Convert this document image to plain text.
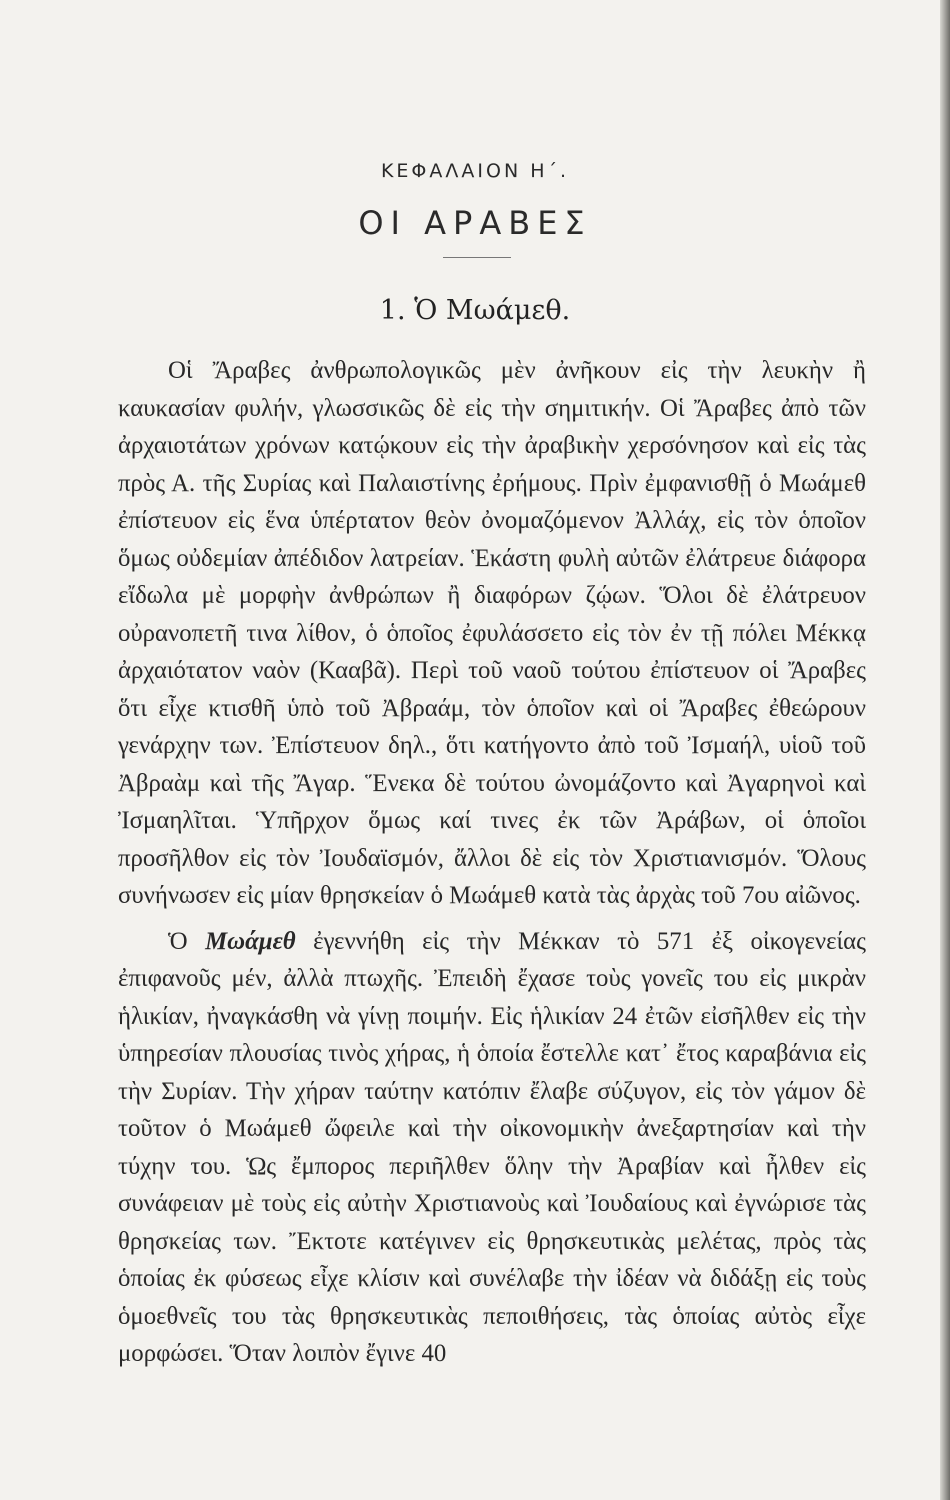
ΚΕΦΑΛΑΙΟΝ Η΄.
ΟΙ ΑΡΑΒΕΣ
1. Ὁ Μωάμεθ.

Οἱ Ἄραβες ἀνθρωπολογικῶς μὲν ἀνῆκουν εἰς τὴν λευκὴν ἢ καυκασίαν φυλήν, γλωσσικῶς δὲ εἰς τὴν σημιτικήν. Οἱ Ἄραβες ἀπὸ τῶν ἀρχαιοτάτων χρόνων κατῴκουν εἰς τὴν ἀραβικὴν χερσόνησον καὶ εἰς τὰς πρὸς Α. τῆς Συρίας καὶ Παλαιστίνης ἐρήμους. Πρὶν ἐμφανισθῇ ὁ Μωάμεθ ἐπίστευον εἰς ἕνα ὑπέρτατον θεὸν ὀνομαζόμενον Ἀλλάχ, εἰς τὸν ὁποῖον ὅμως οὐδεμίαν ἀπέδιδον λατρείαν. Ἑκάστη φυλὴ αὐτῶν ἐλάτρευε διάφορα εἴδωλα μὲ μορφὴν ἀνθρώπων ἢ διαφόρων ζῴων. Ὅλοι δὲ ἐλάτρευον οὐρανοπετῆ τινα λίθον, ὁ ὁποῖος ἐφυλάσσετο εἰς τὸν ἐν τῇ πόλει Μέκκᾳ ἀρχαιότατον ναὸν (Κααβᾶ). Περὶ τοῦ ναοῦ τούτου ἐπίστευον οἱ Ἄραβες ὅτι εἶχε κτισθῆ ὑπὸ τοῦ Ἀβραάμ, τὸν ὁποῖον καὶ οἱ Ἄραβες ἐθεώρουν γενάρχην των. Ἐπίστευον δηλ., ὅτι κατήγοντο ἀπὸ τοῦ Ἰσμαήλ, υἱοῦ τοῦ Ἀβραὰμ καὶ τῆς Ἄγαρ. Ἕνεκα δὲ τούτου ὠνομάζοντο καὶ Ἀγαρηνοὶ καὶ Ἰσμαηλῖται. Ὑπῆρχον ὅμως καί τινες ἐκ τῶν Ἀράβων, οἱ ὁποῖοι προσῆλθον εἰς τὸν Ἰουδαϊσμόν, ἄλλοι δὲ εἰς τὸν Χριστιανισμόν. Ὅλους συνήνωσεν εἰς μίαν θρησκείαν ὁ Μωάμεθ κατὰ τὰς ἀρχὰς τοῦ 7ου αἰῶνος.

Ὁ Μωάμεθ ἐγεννήθη εἰς τὴν Μέκκαν τὸ 571 ἐξ οἰκογενείας ἐπιφανοῦς μέν, ἀλλὰ πτωχῆς. Ἐπειδὴ ἔχασε τοὺς γονεῖς του εἰς μικρὰν ἡλικίαν, ἠναγκάσθη νὰ γίνῃ ποιμήν. Εἰς ἡλικίαν 24 ἐτῶν εἰσῆλθεν εἰς τὴν ὑπηρεσίαν πλουσίας τινὸς χήρας, ἡ ὁποία ἔστελλε κατ᾽ ἔτος καραβάνια εἰς τὴν Συρίαν. Τὴν χήραν ταύτην κατόπιν ἔλαβε σύζυγον, εἰς τὸν γάμον δὲ τοῦτον ὁ Μωάμεθ ὤφειλε καὶ τὴν οἰκονομικὴν ἀνεξαρτησίαν καὶ τὴν τύχην του. Ὡς ἔμπορος περιῆλθεν ὅλην τὴν Ἀραβίαν καὶ ἦλθεν εἰς συνάφειαν μὲ τοὺς εἰς αὐτὴν Χριστιανοὺς καὶ Ἰουδαίους καὶ ἐγνώρισε τὰς θρησκείας των. Ἔκτοτε κατέγινεν εἰς θρησκευτικὰς μελέτας, πρὸς τὰς ὁποίας ἐκ φύσεως εἶχε κλίσιν καὶ συνέλαβε τὴν ἰδέαν νὰ διδάξῃ εἰς τοὺς ὁμοεθνεῖς του τὰς θρησκευτικὰς πεποιθήσεις, τὰς ὁποίας αὐτὸς εἶχε μορφώσει. Ὅταν λοιπὸν ἔγινε 40
